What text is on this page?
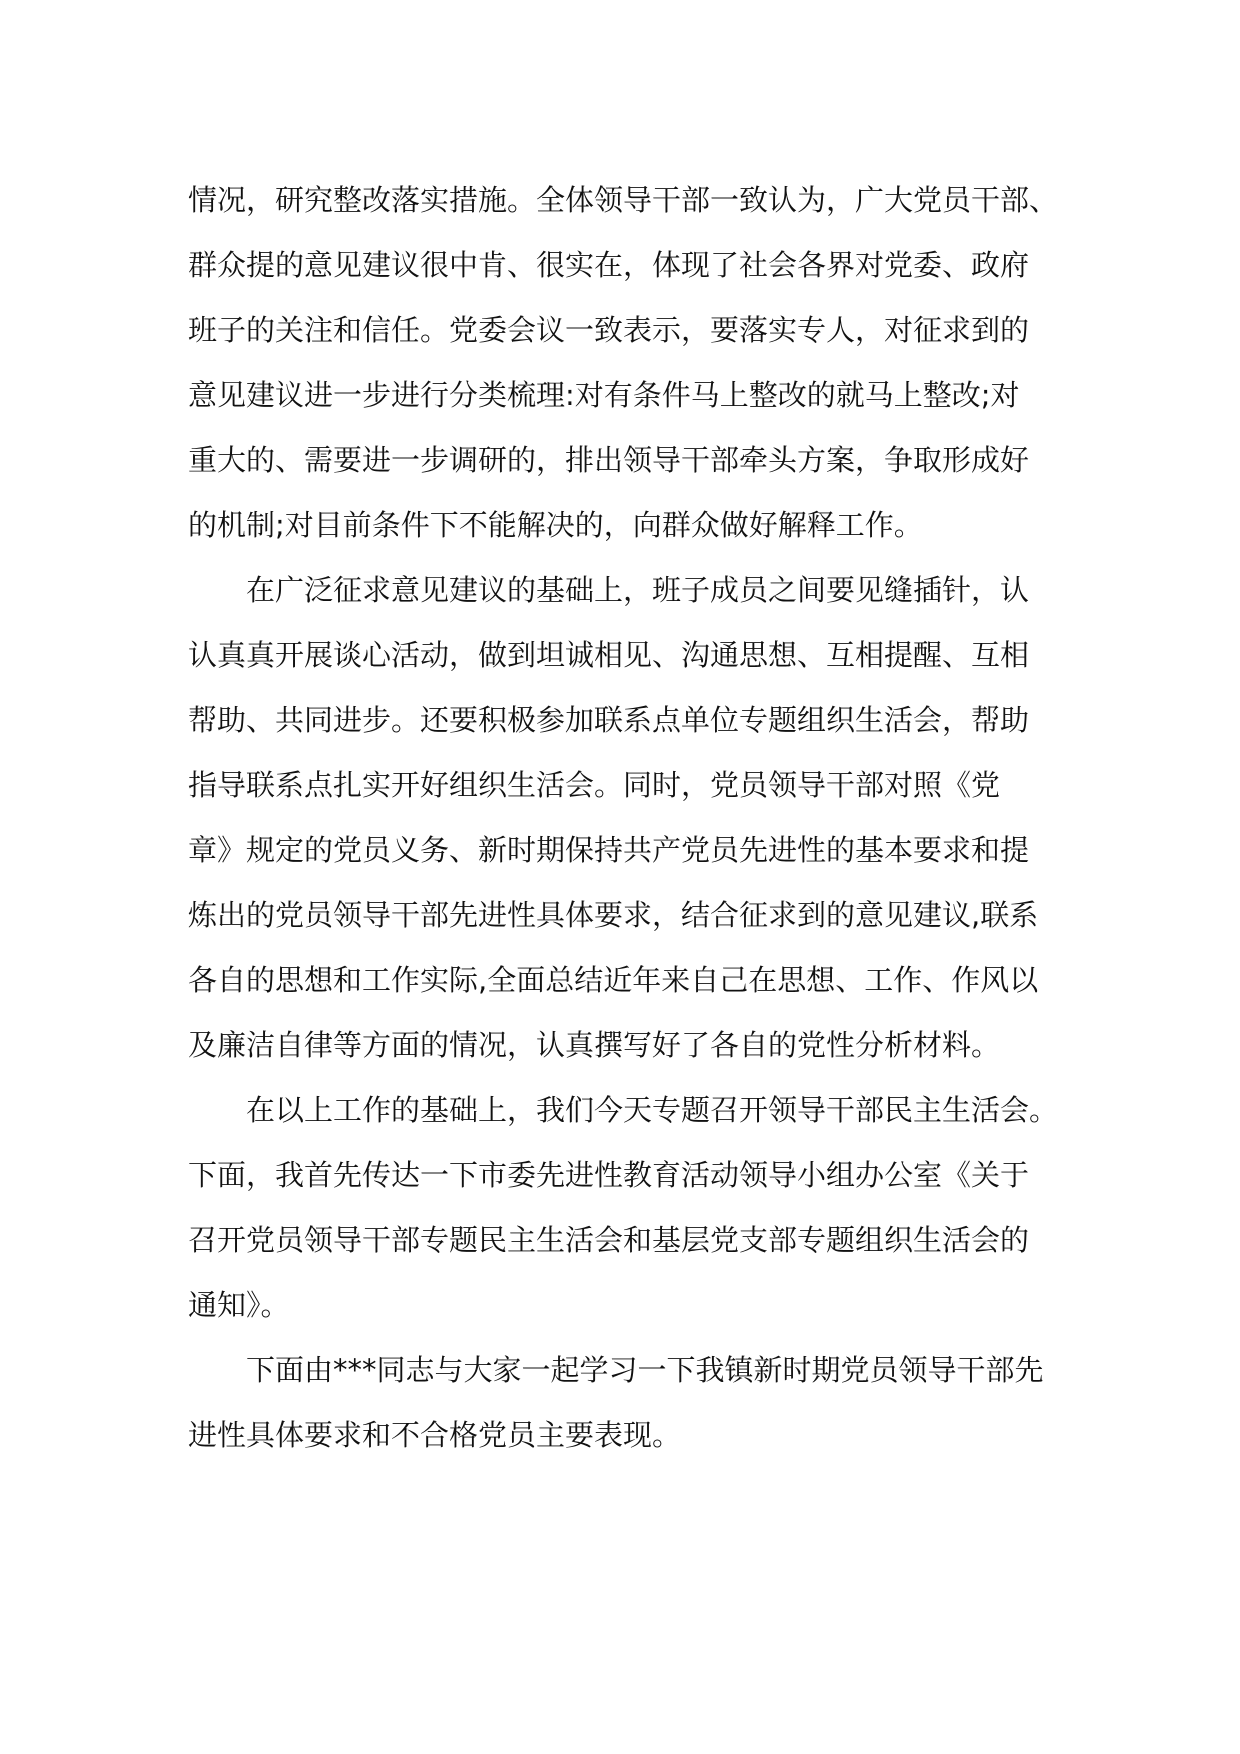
情况，研究整改落实措施。全体领导干部一致认为，广大党员干部、
群众提的意见建议很中肯、很实在，体现了社会各界对党委、政府
班子的关注和信任。党委会议一致表示，要落实专人，对征求到的
意见建议进一步进行分类梳理:对有条件马上整改的就马上整改;对
重大的、需要进一步调研的，排出领导干部牵头方案，争取形成好
的机制;对目前条件下不能解决的，向群众做好解释工作。

在广泛征求意见建议的基础上，班子成员之间要见缝插针，认
认真真开展谈心活动，做到坦诚相见、沟通思想、互相提醒、互相
帮助、共同进步。还要积极参加联系点单位专题组织生活会，帮助
指导联系点扎实开好组织生活会。同时，党员领导干部对照《党
章》规定的党员义务、新时期保持共产党员先进性的基本要求和提
炼出的党员领导干部先进性具体要求，结合征求到的意见建议,联系
各自的思想和工作实际,全面总结近年来自己在思想、工作、作风以
及廉洁自律等方面的情况，认真撰写好了各自的党性分析材料。

在以上工作的基础上，我们今天专题召开领导干部民主生活会。
下面，我首先传达一下市委先进性教育活动领导小组办公室《关于
召开党员领导干部专题民主生活会和基层党支部专题组织生活会的
通知》。

下面由***同志与大家一起学习一下我镇新时期党员领导干部先
进性具体要求和不合格党员主要表现。
